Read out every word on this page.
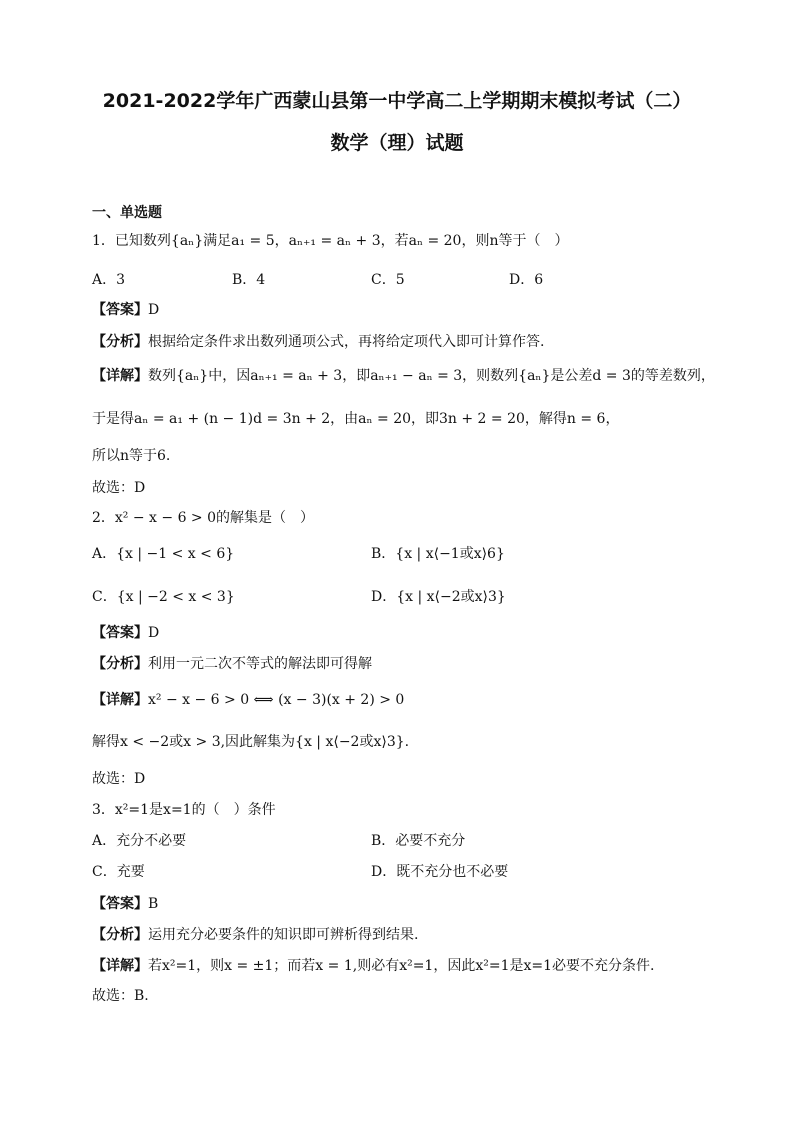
2021-2022学年广西蒙山县第一中学高二上学期期末模拟考试（二）
数学（理）试题
一、单选题
1．已知数列{aₙ}满足a₁ = 5，aₙ₊₁ = aₙ + 3，若aₙ = 20，则n等于（　）
A．3	B．4	C．5	D．6
【答案】D
【分析】根据给定条件求出数列通项公式，再将给定项代入即可计算作答.
【详解】数列{aₙ}中，因aₙ₊₁ = aₙ + 3，即aₙ₊₁ − aₙ = 3，则数列{aₙ}是公差d = 3的等差数列，
于是得aₙ = a₁ + (n − 1)d = 3n + 2，由aₙ = 20，即3n + 2 = 20，解得n = 6，
所以n等于6.
故选：D
2．x² − x − 6 > 0的解集是（　）
A．{x | −1 < x < 6}	B．{x | x⟨−1或x⟩6}
C．{x | −2 < x < 3}	D．{x | x⟨−2或x⟩3}
【答案】D
【分析】利用一元二次不等式的解法即可得解
【详解】x² − x − 6 > 0 ⟺ (x − 3)(x + 2) > 0
解得x < −2或x > 3,因此解集为{x | x⟨−2或x⟩3}.
故选：D
3．x²=1是x=1的（　）条件
A．充分不必要	B．必要不充分
C．充要	D．既不充分也不必要
【答案】B
【分析】运用充分必要条件的知识即可辨析得到结果.
【详解】若x²=1，则x = ±1；而若x = 1,则必有x²=1，因此x²=1是x=1必要不充分条件.
故选：B.
